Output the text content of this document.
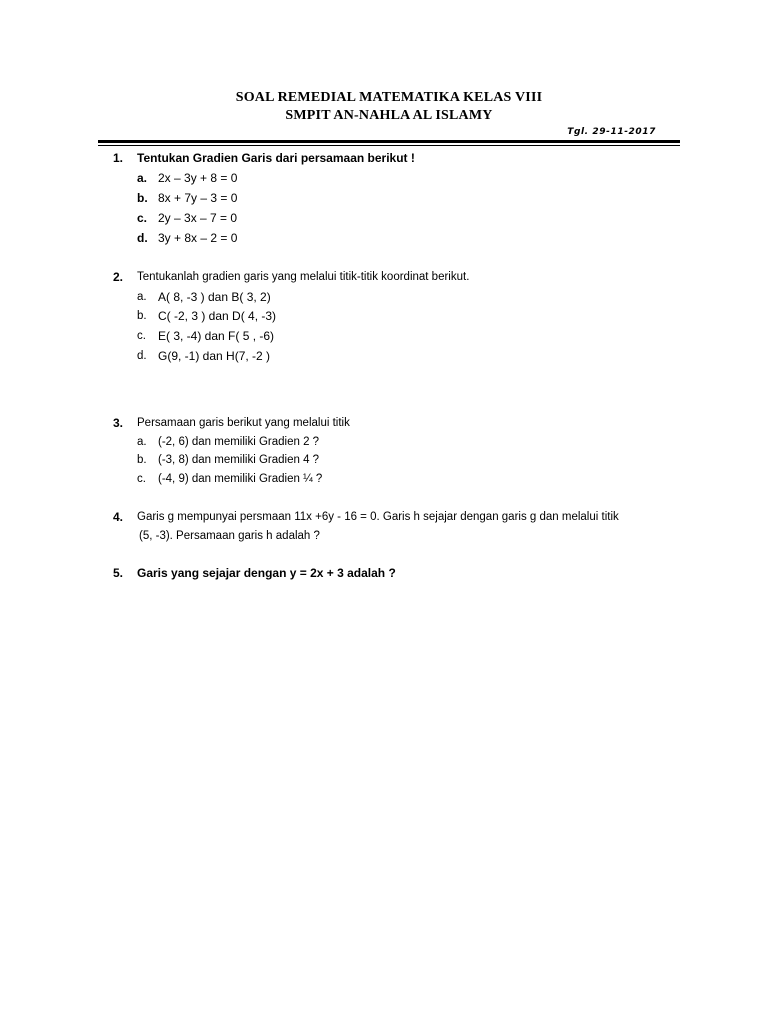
SOAL REMEDIAL MATEMATIKA KELAS VIII
SMPIT AN-NAHLA AL ISLAMY
Tgl. 29-11-2017
1. Tentukan Gradien Garis dari persamaan berikut !
a. 2x – 3y + 8 = 0
b. 8x + 7y – 3 = 0
c. 2y – 3x – 7 = 0
d. 3y + 8x – 2 = 0
2. Tentukanlah gradien garis yang melalui titik-titik koordinat berikut.
a. A( 8, -3 ) dan B( 3, 2)
b. C( -2, 3 ) dan D( 4, -3)
c. E( 3, -4) dan F( 5 , -6)
d. G(9, -1) dan H(7, -2 )
3. Persamaan garis berikut yang melalui titik
a. (-2, 6) dan memiliki Gradien 2 ?
b. (-3, 8) dan memiliki Gradien 4 ?
c. (-4, 9) dan memiliki Gradien ¼ ?
4. Garis g mempunyai persmaan 11x +6y - 16 = 0. Garis h sejajar dengan garis g dan melalui titik
(5, -3). Persamaan garis h adalah ?
5. Garis yang sejajar dengan y = 2x + 3 adalah ?
